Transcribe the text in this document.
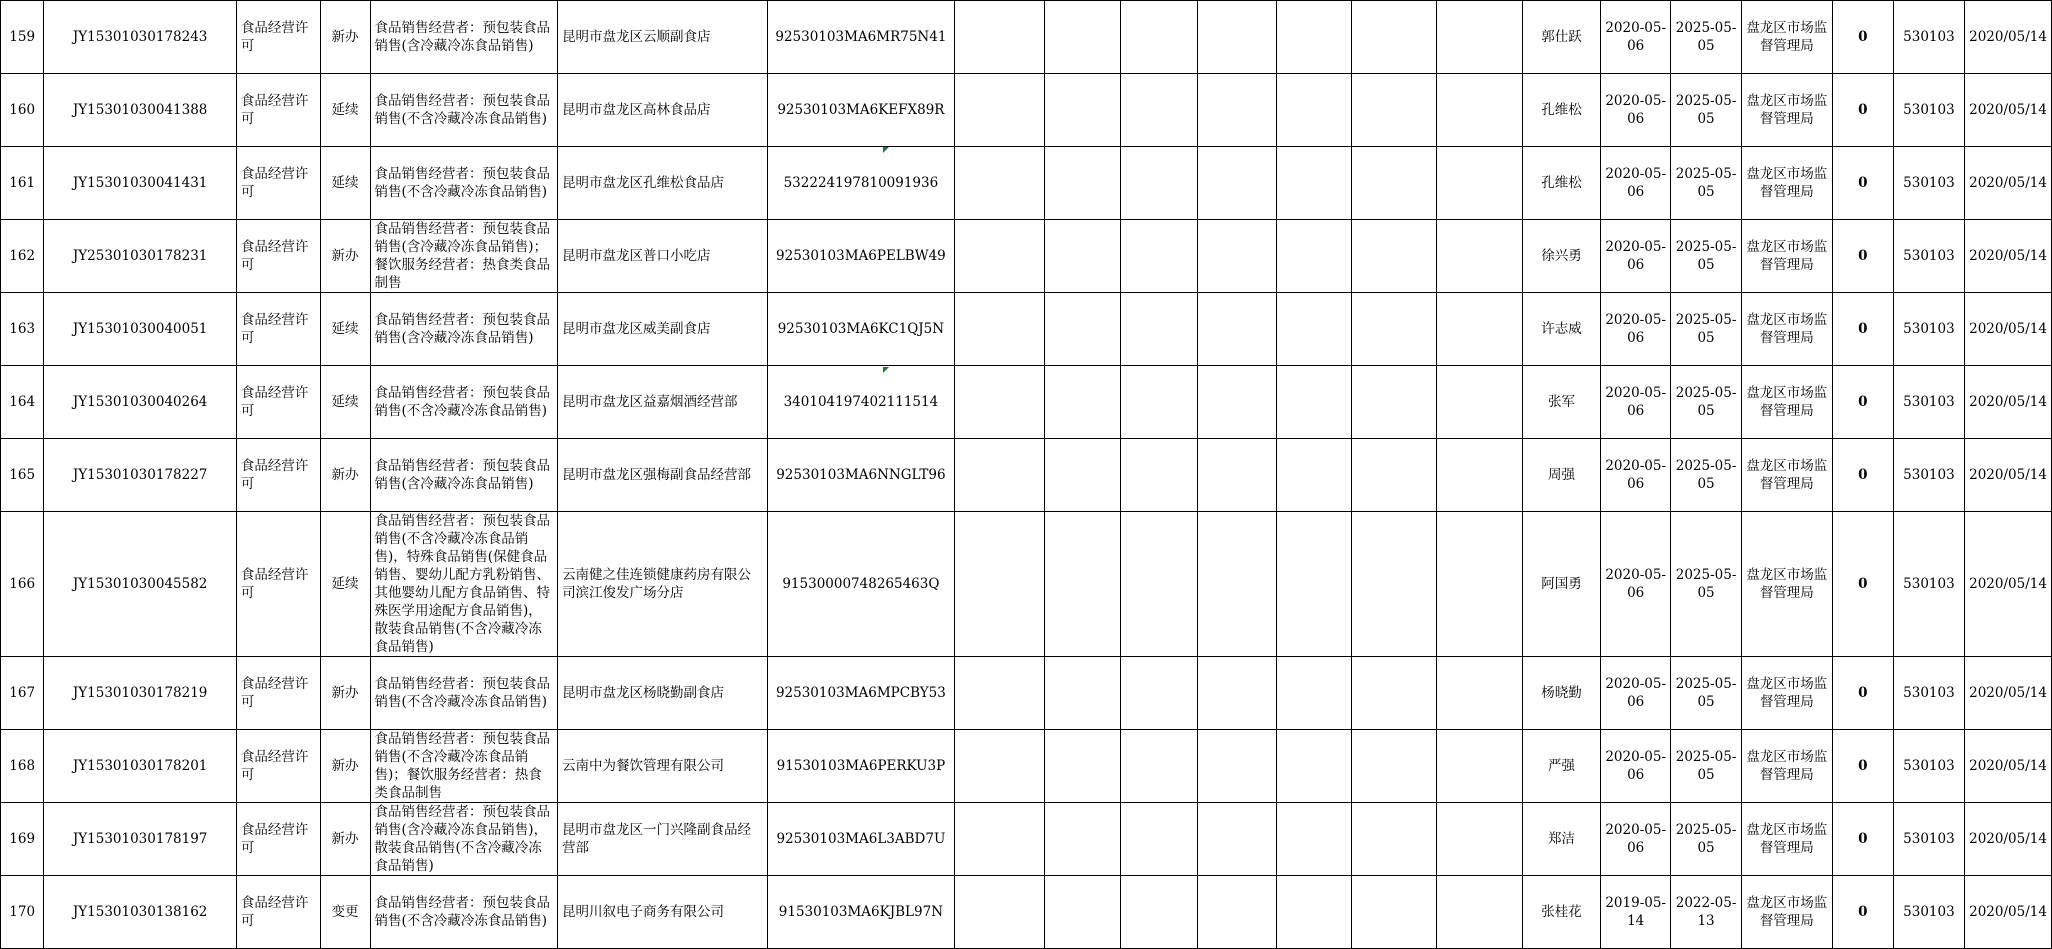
159	JY15301030178243	食品经营许可	新办	食品销售经营者：预包装食品销售(含冷藏冷冻食品销售)	昆明市盘龙区云顺副食店	92530103MA6MR75N41								郭仕跃	2020-05-06	2025-05-05	盘龙区市场监督管理局	0	530103	2020/05/14
160	JY15301030041388	食品经营许可	延续	食品销售经营者：预包装食品销售(不含冷藏冷冻食品销售)	昆明市盘龙区高林食品店	92530103MA6KEFX89R								孔维松	2020-05-06	2025-05-05	盘龙区市场监督管理局	0	530103	2020/05/14
161	JY15301030041431	食品经营许可	延续	食品销售经营者：预包装食品销售(不含冷藏冷冻食品销售)	昆明市盘龙区孔维松食品店	532224197810091936								孔维松	2020-05-06	2025-05-05	盘龙区市场监督管理局	0	530103	2020/05/14
162	JY25301030178231	食品经营许可	新办	食品销售经营者：预包装食品销售(含冷藏冷冻食品销售)；餐饮服务经营者：热食类食品制售	昆明市盘龙区普口小吃店	92530103MA6PELBW49								徐兴勇	2020-05-06	2025-05-05	盘龙区市场监督管理局	0	530103	2020/05/14
163	JY15301030040051	食品经营许可	延续	食品销售经营者：预包装食品销售(含冷藏冷冻食品销售)	昆明市盘龙区威美副食店	92530103MA6KC1QJ5N								许志威	2020-05-06	2025-05-05	盘龙区市场监督管理局	0	530103	2020/05/14
164	JY15301030040264	食品经营许可	延续	食品销售经营者：预包装食品销售(不含冷藏冷冻食品销售)	昆明市盘龙区益嘉烟酒经营部	340104197402111514								张军	2020-05-06	2025-05-05	盘龙区市场监督管理局	0	530103	2020/05/14
165	JY15301030178227	食品经营许可	新办	食品销售经营者：预包装食品销售(含冷藏冷冻食品销售)	昆明市盘龙区强梅副食品经营部	92530103MA6NNGLT96								周强	2020-05-06	2025-05-05	盘龙区市场监督管理局	0	530103	2020/05/14
166	JY15301030045582	食品经营许可	延续	食品销售经营者：预包装食品销售(不含冷藏冷冻食品销售)，特殊食品销售(保健食品销售、婴幼儿配方乳粉销售、其他婴幼儿配方食品销售、特殊医学用途配方食品销售)，散装食品销售(不含冷藏冷冻食品销售)	云南健之佳连锁健康药房有限公司滨江俊发广场分店	91530000748265463Q								阿国勇	2020-05-06	2025-05-05	盘龙区市场监督管理局	0	530103	2020/05/14
167	JY15301030178219	食品经营许可	新办	食品销售经营者：预包装食品销售(不含冷藏冷冻食品销售)	昆明市盘龙区杨晓勤副食店	92530103MA6MPCBY53								杨晓勤	2020-05-06	2025-05-05	盘龙区市场监督管理局	0	530103	2020/05/14
168	JY15301030178201	食品经营许可	新办	食品销售经营者：预包装食品销售(不含冷藏冷冻食品销售)；餐饮服务经营者：热食类食品制售	云南中为餐饮管理有限公司	91530103MA6PERKU3P								严强	2020-05-06	2025-05-05	盘龙区市场监督管理局	0	530103	2020/05/14
169	JY15301030178197	食品经营许可	新办	食品销售经营者：预包装食品销售(含冷藏冷冻食品销售)，散装食品销售(不含冷藏冷冻食品销售)	昆明市盘龙区一门兴隆副食品经营部	92530103MA6L3ABD7U								郑洁	2020-05-06	2025-05-05	盘龙区市场监督管理局	0	530103	2020/05/14
170	JY15301030138162	食品经营许可	变更	食品销售经营者：预包装食品销售(不含冷藏冷冻食品销售)	昆明川叙电子商务有限公司	91530103MA6KJBL97N								张桂花	2019-05-14	2022-05-13	盘龙区市场监督管理局	0	530103	2020/05/14
